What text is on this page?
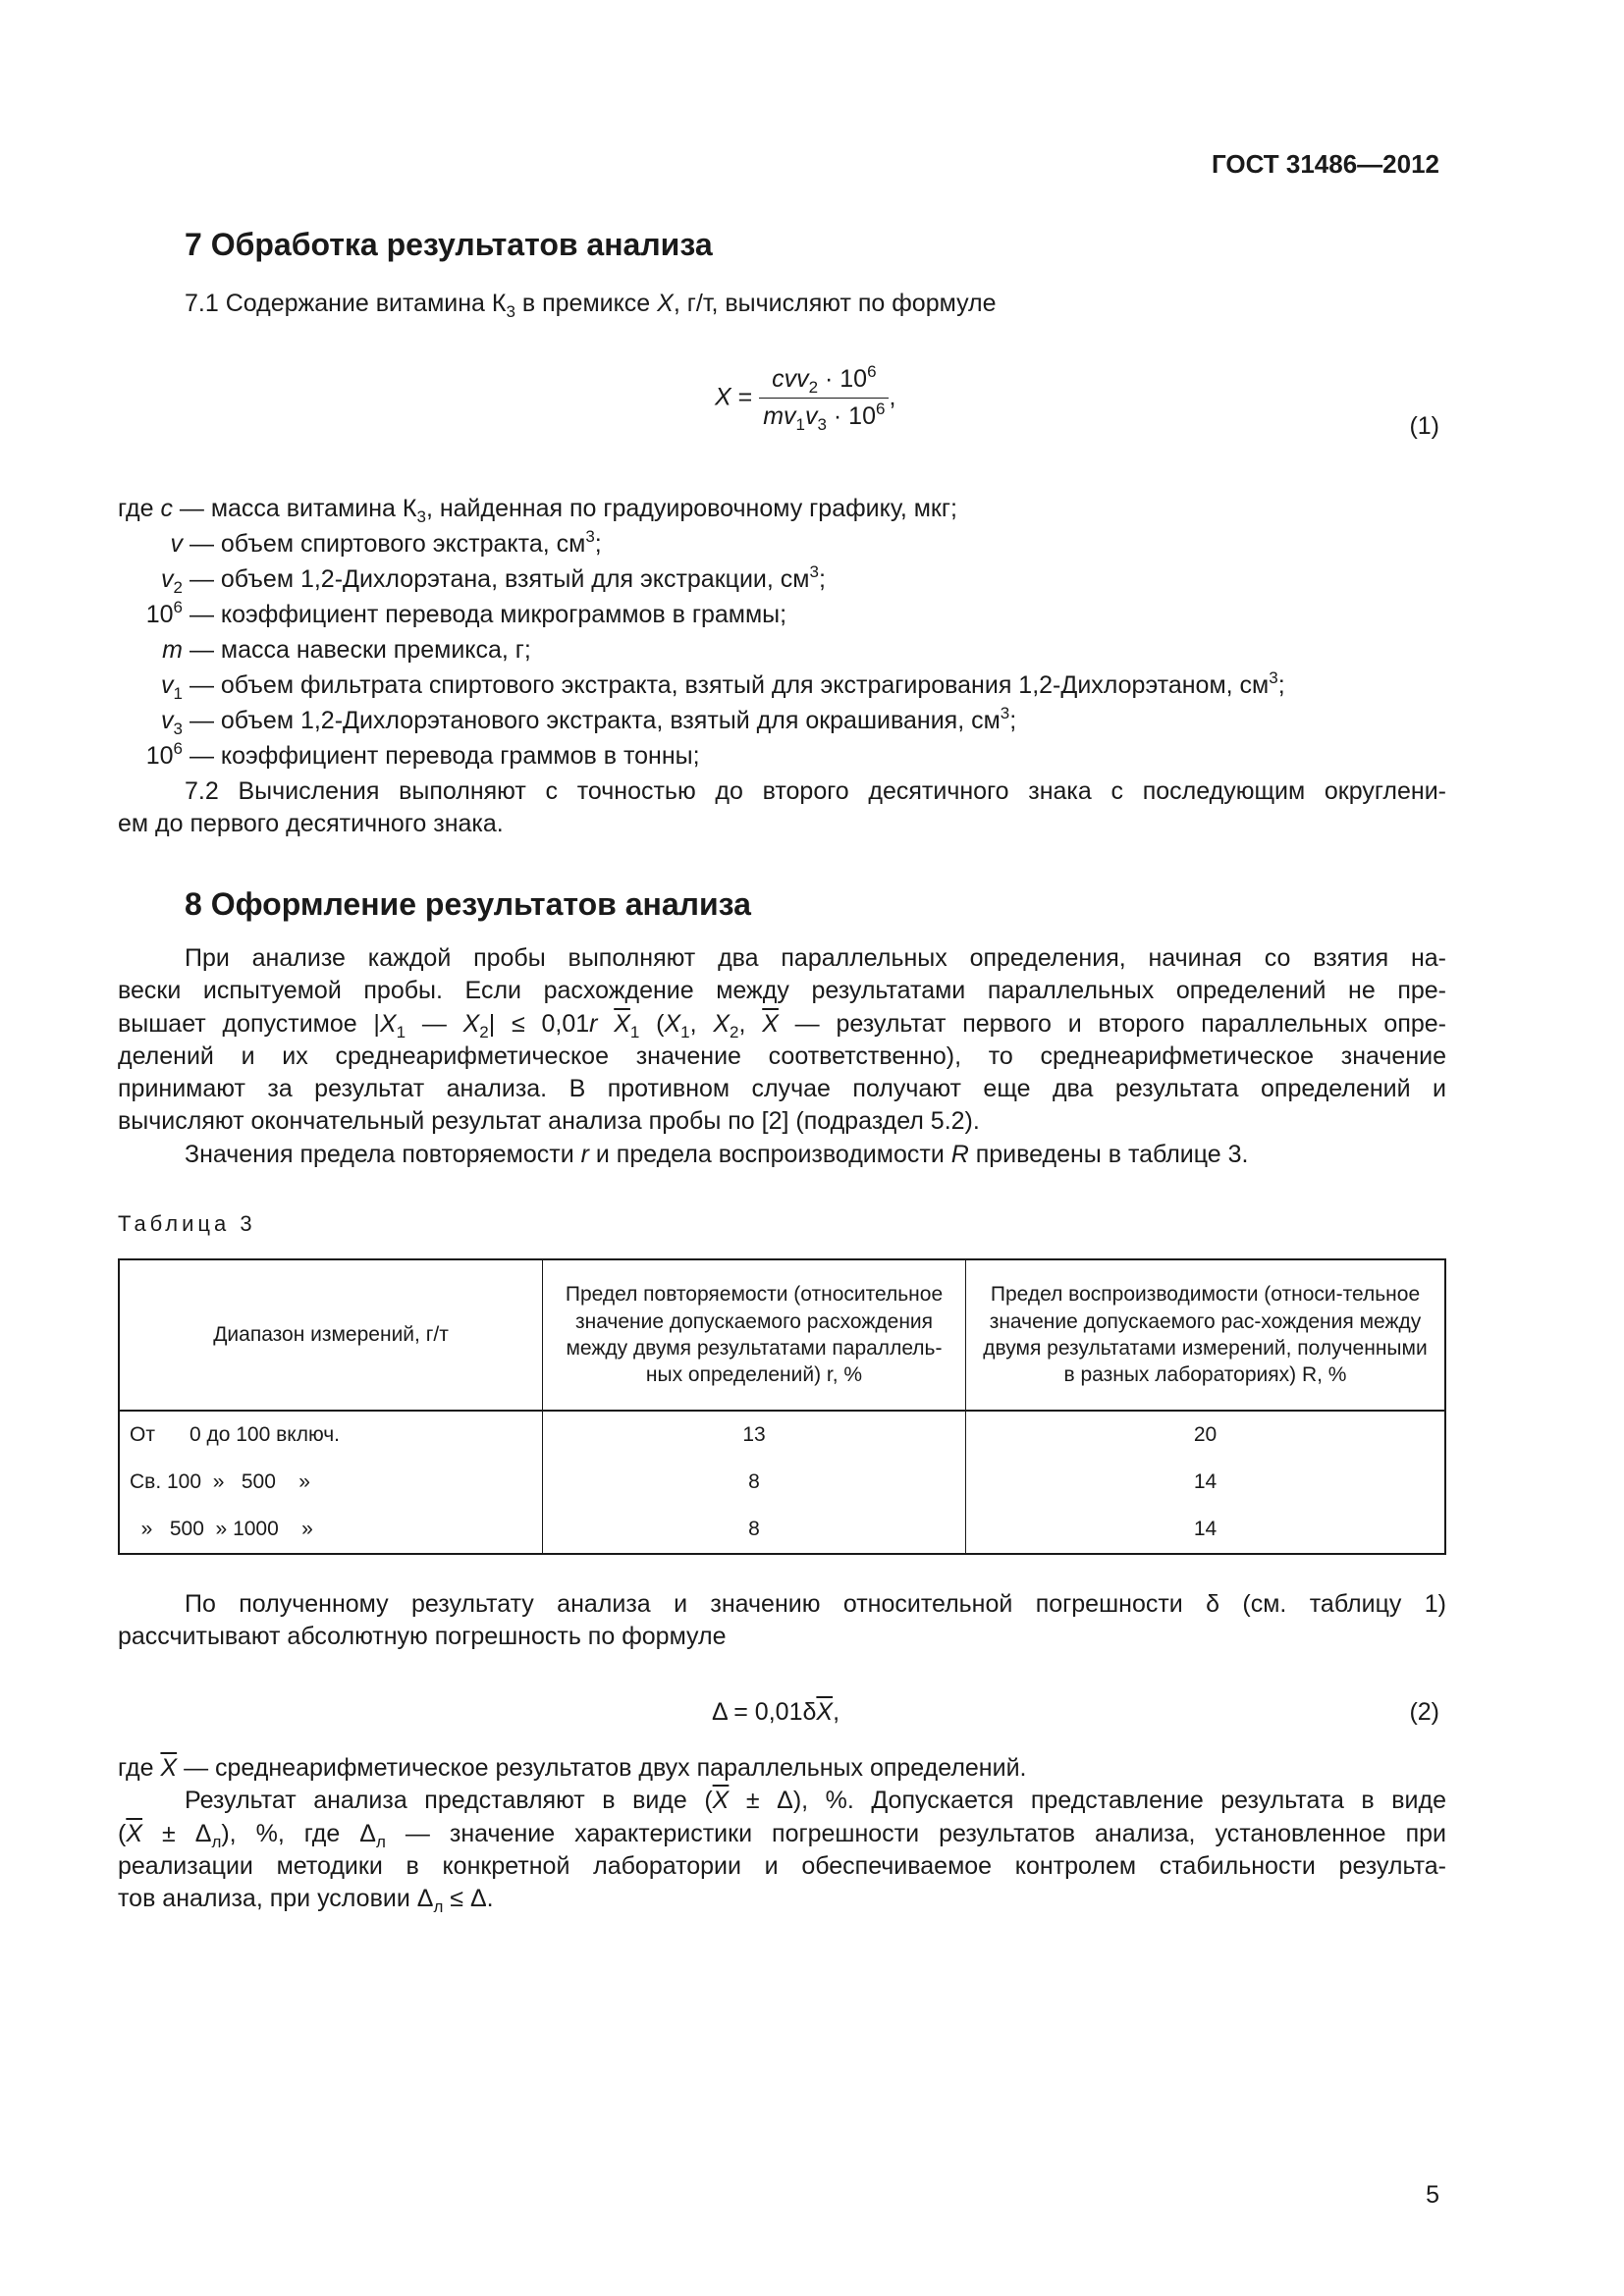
ГОСТ 31486—2012
7 Обработка результатов анализа
7.1 Содержание витамина $К_3$ в премиксе X, г/т, вычисляют по формуле
$X = \frac{cvv_2 \cdot 10^6}{mv_1v_3 \cdot 10^6}$ ,
(1)
где c — масса витамина $К_3$, найденная по градуировочному графику, мкг;
v — объем спиртового экстракта, $см^3$;
$v_2$ — объем 1,2-Дихлорэтана, взятый для экстракции, $см^3$;
$10^6$ — коэффициент перевода микрограммов в граммы;
m — масса навески премикса, г;
$v_1$ — объем фильтрата спиртового экстракта, взятый для экстрагирования 1,2-Дихлорэтаном, $см^3$;
$v_3$ — объем 1,2-Дихлорэтанового экстракта, взятый для окрашивания, $см^3$;
$10^6$ — коэффициент перевода граммов в тонны;
7.2 Вычисления выполняют с точностью до второго десятичного знака с последующим округлени-
ем до первого десятичного знака.
8 Оформление результатов анализа
При анализе каждой пробы выполняют два параллельных определения, начиная со взятия на-
вески испытуемой пробы. Если расхождение между результатами параллельных определений не пре-
вышает допустимое $|X_1$ — $X_2| \le 0,01r$ $\overline{X}_1$ ($X_1$, $X_2$, $\overline{X}$ — результат первого и второго параллельных опре-
делений и их среднеарифметическое значение соответственно), то среднеарифметическое значение
принимают за результат анализа. В противном случае получают еще два результата определений и
вычисляют окончательный результат анализа пробы по [2] (подраздел 5.2).
Значения предела повторяемости r и предела воспроизводимости R приведены в таблице 3.
Таблица 3
Диапазон измерений, г/т	Предел повторяемости (относительное значение допускаемого расхождения между двумя результатами параллель-ных определений) r, %	Предел воспроизводимости (относи-тельное значение допускаемого рас-хождения между двумя результатами измерений, полученными в разных лабораториях) R, %
От      0 до 100 включ.	13	20
Св. 100  »   500    »	8	14
»   500  » 1000    »	8	14
По полученному результату анализа и значению относительной погрешности δ (см. таблицу 1)
рассчитывают абсолютную погрешность по формуле
$\Delta = 0,01\delta\overline{X}$,	(2)
где $\overline{X}$ — среднеарифметическое результатов двух параллельных определений.
Результат анализа представляют в виде $(\overline{X} \pm \Delta)$, %. Допускается представление результата в виде
$(\overline{X} \pm \Delta_л)$, %, где $\Delta_л$ — значение характеристики погрешности результатов анализа, установленное при
реализации методики в конкретной лаборатории и обеспечиваемое контролем стабильности результа-
тов анализа, при условии $\Delta_л \le \Delta$.
5
